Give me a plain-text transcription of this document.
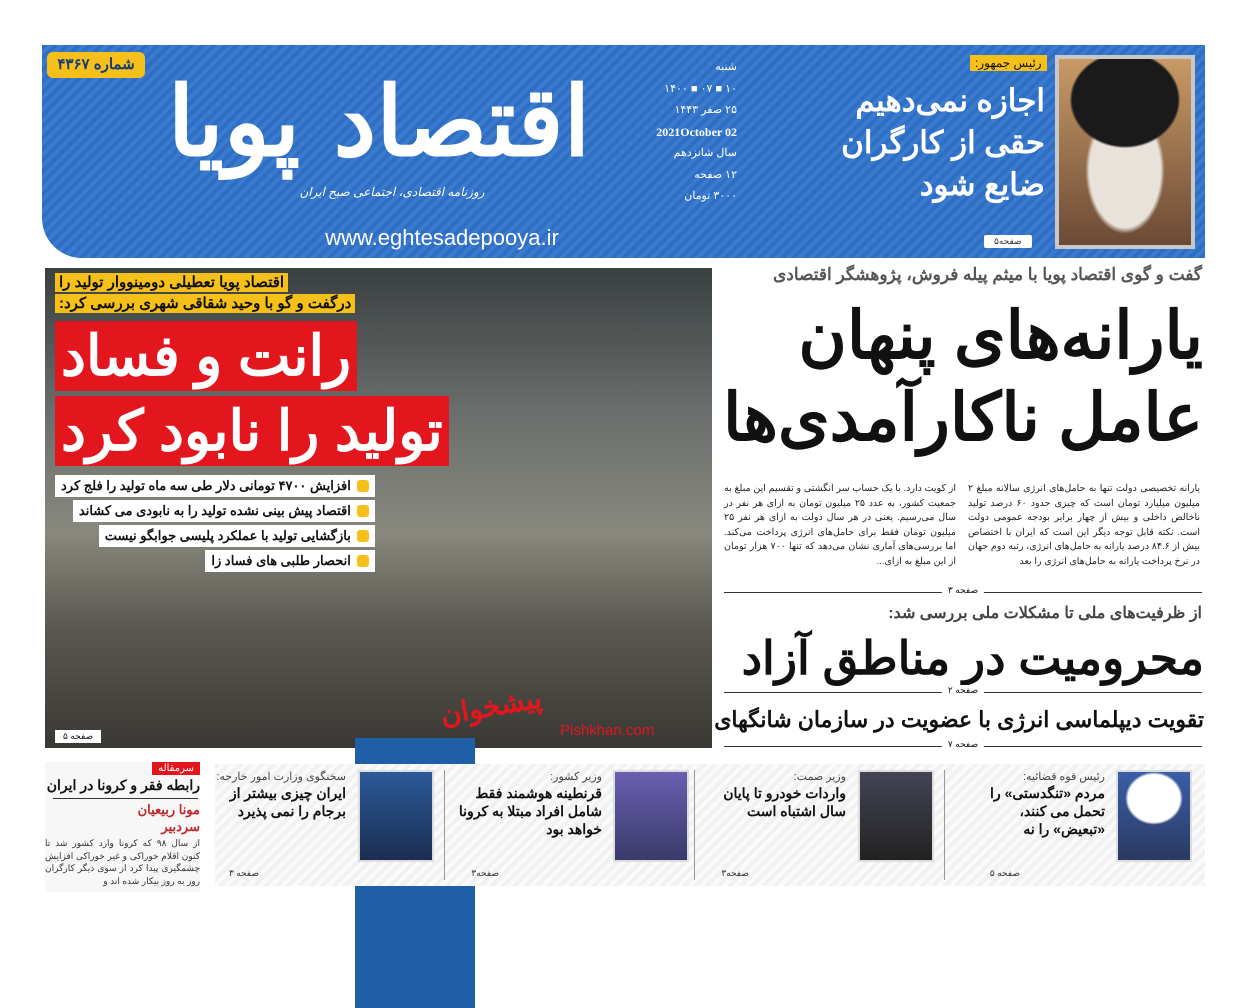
شماره ۴۳۶۷
اقتصاد پویا
روزنامه اقتصادی، اجتماعی صبح ایران
www.eghtesadepooya.ir
شنبه
۱۰ ■ ۰۷ ■ ۱۴۰۰
۲۵ صفر ۱۴۴۳
2021October 02
سال شانزدهم
۱۲ صفحه
۳۰۰۰ تومان
رئیس جمهور:
اجازه نمی‌دهیم
حقی از کارگران
ضایع شود
صفحه۵
اقتصاد پویا تعطیلی دومینووار تولید را
درگفت و گو با وحید شقاقی شهری بررسی کرد:
رانت و فساد
تولید را نابود کرد
افزایش ۴۷۰۰ تومانی دلار طی سه ماه تولید را فلج کرد
اقتصاد پیش بینی نشده تولید را به نابودی می کشاند
بازگشایی تولید با عملکرد پلیسی جوابگو نیست
انحصار طلبی های فساد زا
صفحه ۵
پیشخوان Pishkhan.com
گفت و گوی اقتصاد پویا با میثم پیله فروش، پژوهشگر اقتصادی
یارانه‌های پنهان
عامل ناکارآمدی‌ها
یارانه تخصیصی دولت تنها به حامل‌های انرژی سالانه مبلغ ۲ میلیون میلیارد تومان است که چیزی حدود ۶۰ درصد تولید ناخالص داخلی و بیش از چهار برابر بودجه عمومی دولت است. نکته قابل توجه دیگر این است که ایران با اختصاص بیش از ۸۴.۶ درصد یارانه به حامل‌های انرژی، رتبه دوم جهان در نرخ پرداخت یارانه به حامل‌های انرژی را بعد
از کویت دارد. با یک حساب سر انگشتی و تقسیم این مبلغ به جمعیت کشور، به عدد ۲۵ میلیون تومان به ازای هر نفر در سال می‌رسیم. یعنی در هر سال دولت به ازای هر نفر ۲۵ میلیون تومان فقط برای حامل‌های انرژی پرداخت می‌کند. اما بررسی‌های آماری نشان می‌دهد که تنها ۷۰۰ هزار تومان از این مبلغ به ازای...
صفحه ۳
از ظرفیت‌های ملی تا مشکلات ملی بررسی شد:
محرومیت در مناطق آزاد
صفحه ۲
تقویت دیپلماسی انرژی با عضویت در سازمان شانگهای
صفحه ۷
سرمقاله
رابطه فقر و کرونا در ایران
مونا ربیعیان
سردبیر
از سال ۹۸ که کرونا وارد کشور شد تا کنون اقلام خوراکی و غیر خوراکی افزایش چشمگیری پیدا کرد از سوی دیگر کارگران روز به روز بیکار شده اند و
رئیس قوه قضائیه:
مردم «تنگدستی» را تحمل می کنند، «تبعیض» را نه
صفحه ۵
وزیر صمت:
واردات خودرو تا پایان سال اشتباه است
صفحه۳
وزیر کشور:
قرنطینه هوشمند فقط شامل افراد مبتلا به کرونا خواهد بود
صفحه۳
سخنگوی وزارت امور خارجه:
ایران چیزی بیشتر از برجام را نمی پذیرد
صفحه ۳
